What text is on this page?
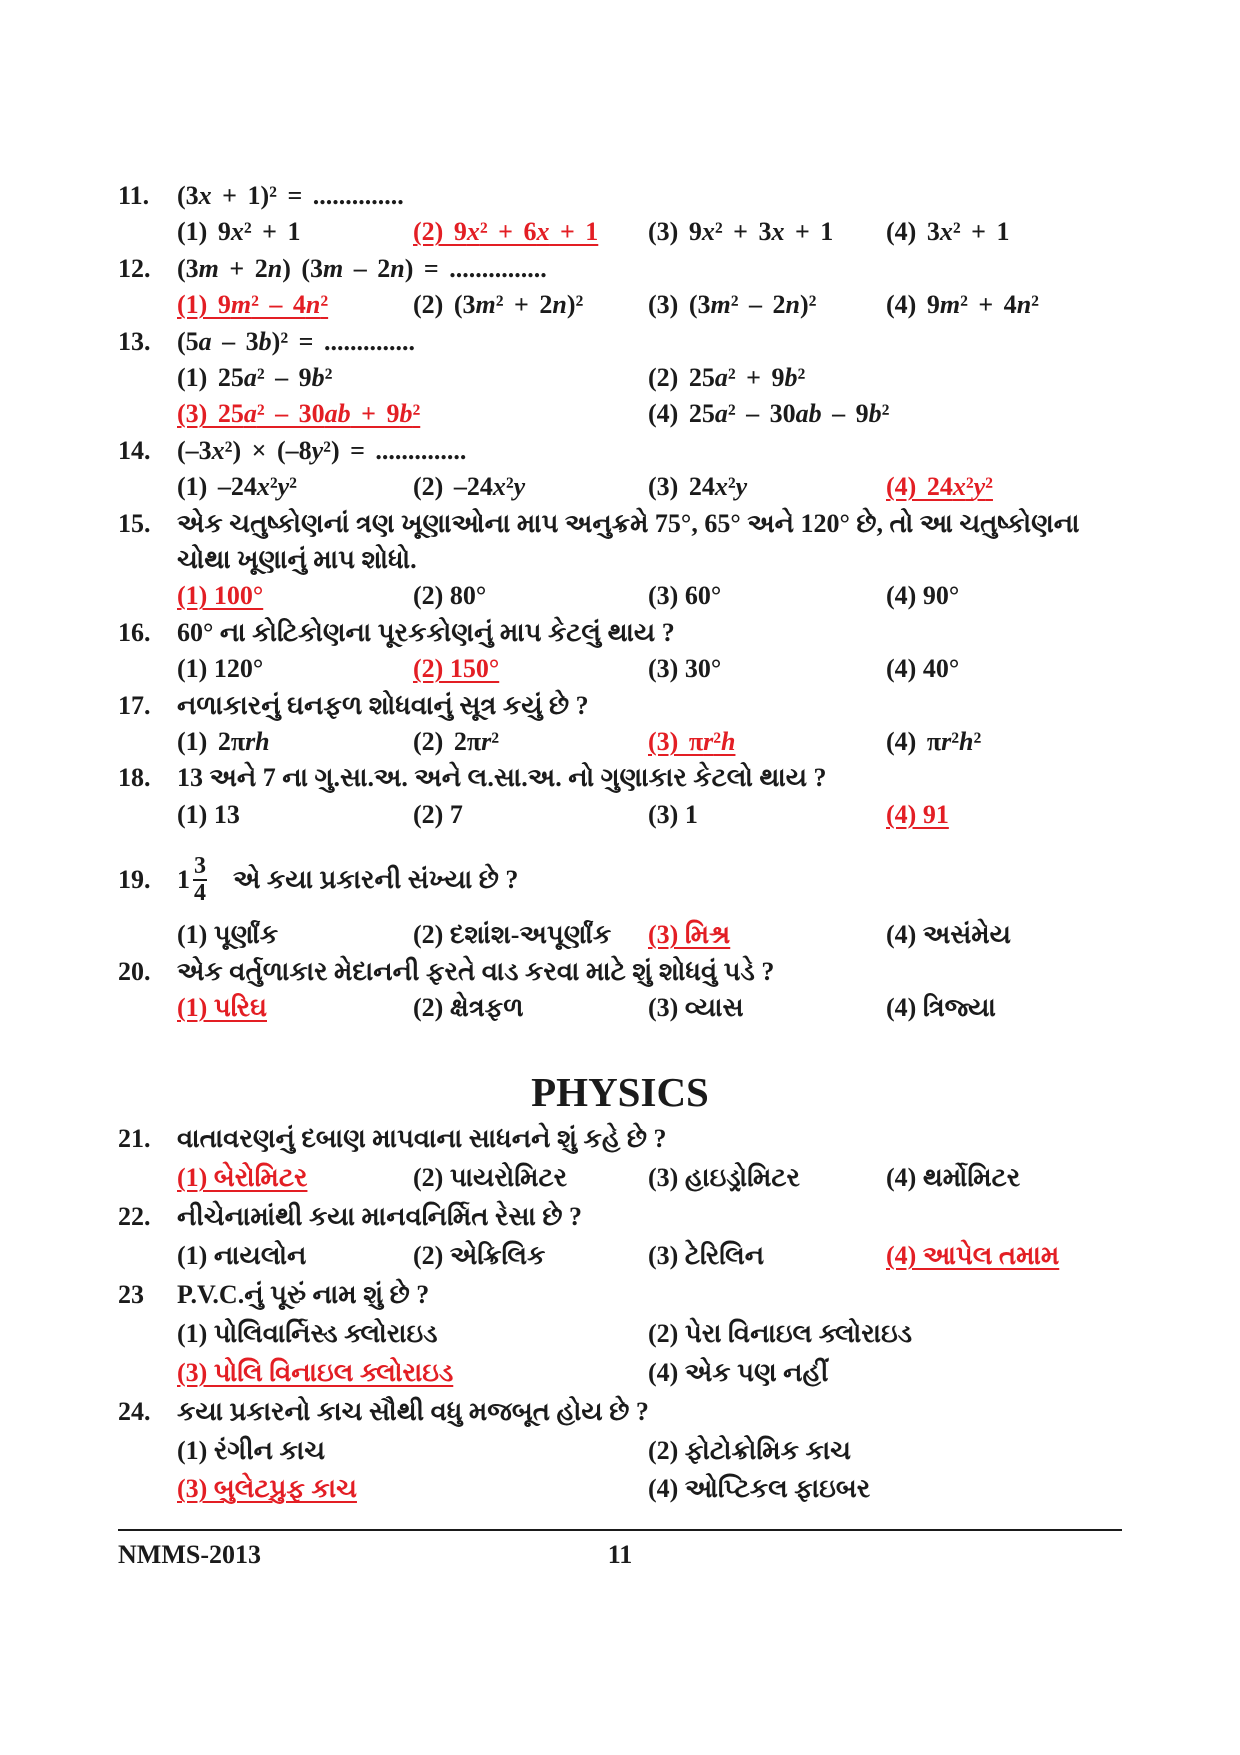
11.	(3x + 1)² = ..............
(1) 9x² + 1	(2) 9x² + 6x + 1	(3) 9x² + 3x + 1	(4) 3x² + 1
12.	(3m + 2n) (3m – 2n) = ...............
(1) 9m² – 4n²	(2) (3m² + 2n)²	(3) (3m² – 2n)²	(4) 9m² + 4n²
13.	(5a – 3b)² = ..............
(1) 25a² – 9b²	(2) 25a² + 9b²
(3) 25a² – 30ab + 9b²	(4) 25a² – 30ab – 9b²
14.	(–3x²) × (–8y²) = ..............
(1) –24x²y²	(2) –24x²y	(3) 24x²y	(4) 24x²y²
15.	એક ચતુષ્કોણનાં ત્રણ ખૂણાઓના માપ અનુક્રમે 75°, 65° અને 120° છે, તો આ ચતુષ્કોણના ચોથા ખૂણાનું માપ શોધો.
(1) 100°	(2) 80°	(3) 60°	(4) 90°
16.	60° ના કોટિકોણના પૂરકકોણનું માપ કેટલું થાય ?
(1) 120°	(2) 150°	(3) 30°	(4) 40°
17.	નળાકારનું ઘનફળ શોધવાનું સૂત્ર કયું છે ?
(1) 2πrh	(2) 2πr²	(3) πr²h	(4) πr²h²
18.	13 અને 7 ના ગુ.સા.અ. અને લ.સા.અ. નો ગુણાકાર કેટલો થાય ?
(1) 13	(2) 7	(3) 1	(4) 91
19.	$1 \frac{3}{4}$ એ કયા પ્રકારની સંખ્યા છે ?
(1) પૂર્ણાંક	(2) દશાંશ-અપૂર્ણાંક	(3) મિશ્ર	(4) અસંમેય
20.	એક વર્તુળાકાર મેદાનની ફરતે વાડ કરવા માટે શું શોધવું પડે ?
(1) પરિઘ	(2) ક્ષેત્રફળ	(3) વ્યાસ	(4) ત્રિજ્યા
PHYSICS
21.	વાતાવરણનું દબાણ માપવાના સાધનને શું કહે છે ?
(1) બેરોમિટર	(2) પાયરોમિટર	(3) હાઇડ્રોમિટર	(4) થર્મોમિટર
22.	નીચેનામાંથી કયા માનવનિર્મિત રેસા છે ?
(1) નાયલોન	(2) એક્રિલિક	(3) ટેરિલિન	(4) આપેલ તમામ
23	P.V.C.નું પૂરું નામ શું છે ?
(1) પોલિવાર્નિસ્ડ ક્લોરાઇડ	(2) પેરા વિનાઇલ ક્લોરાઇડ
(3) પોલિ વિનાઇલ ક્લોરાઇડ	(4) એક પણ નહીં
24.	કયા પ્રકારનો કાચ સૌથી વધુ મજબૂત હોય છે ?
(1) રંગીન કાચ	(2) ફોટોક્રોમિક કાચ
(3) બુલેટપ્રુફ કાચ	(4) ઓપ્ટિકલ ફાઇબર
NMMS-2013	11
